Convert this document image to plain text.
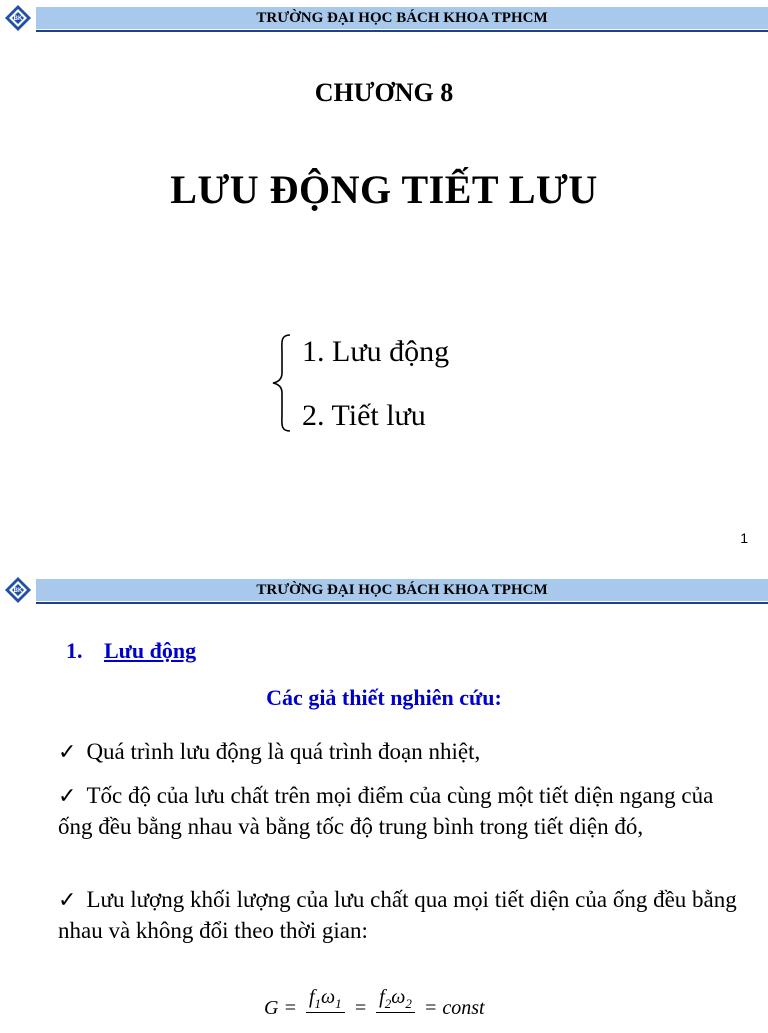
BK	TRƯỜNG ĐẠI HỌC BÁCH KHOA TPHCM
CHƯƠNG 8
LƯU ĐỘNG TIẾT LƯU
1. Lưu động
2. Tiết lưu
1
BK	TRƯỜNG ĐẠI HỌC BÁCH KHOA TPHCM
1. Lưu động
Các giả thiết nghiên cứu:
✓ Quá trình lưu động là quá trình đoạn nhiệt,
✓ Tốc độ của lưu chất trên mọi điểm của cùng một tiết diện ngang của ống đều bằng nhau và bằng tốc độ trung bình trong tiết diện đó,
✓ Lưu lượng khối lượng của lưu chất qua mọi tiết diện của ống đều bằng nhau và không đổi theo thời gian:
G =
$f_1\omega_1$ =
$f_2\omega_2$ = const
